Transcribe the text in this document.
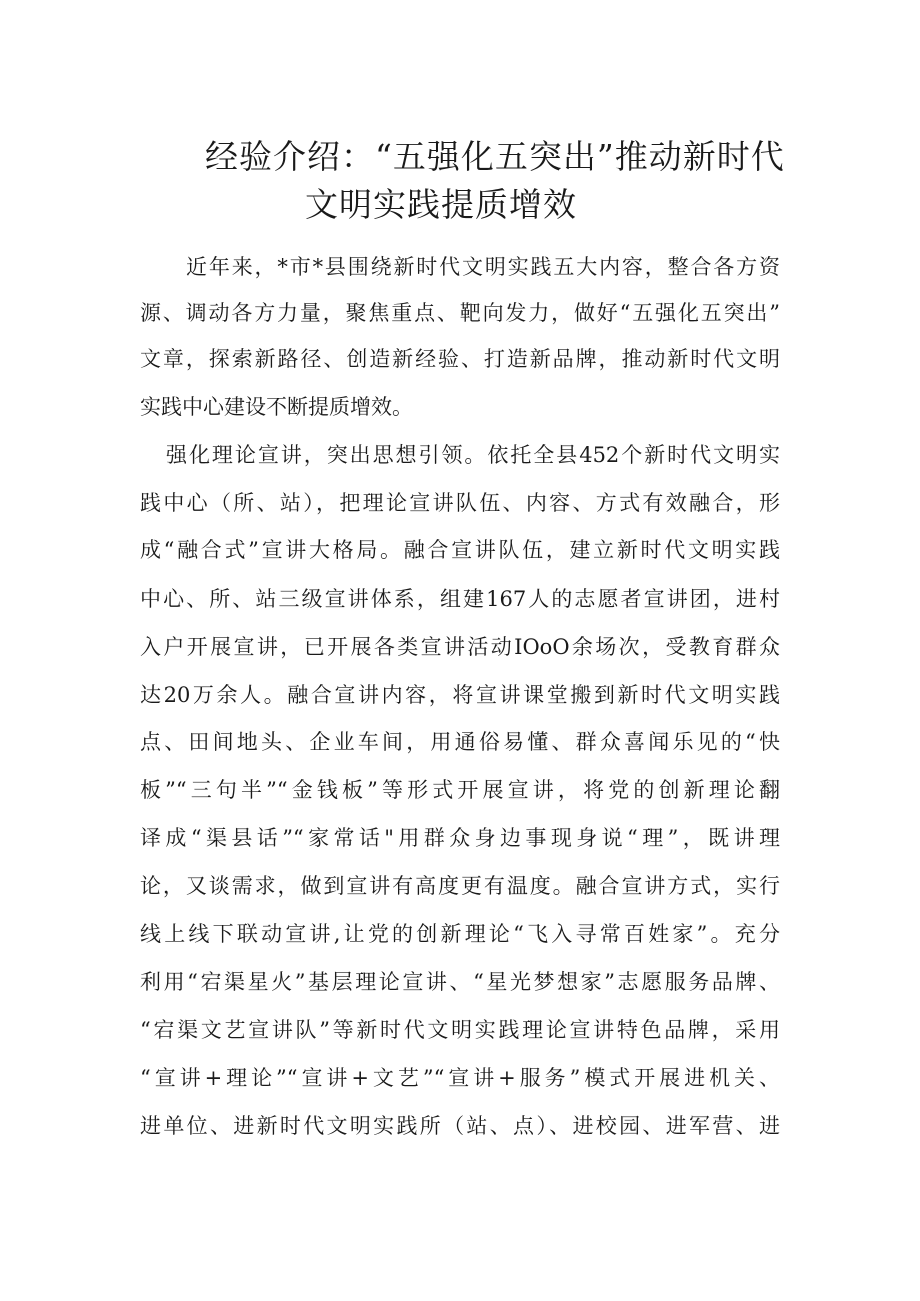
经验介绍：“五强化五突出”推动新时代
文明实践提质增效

近年来，*市*县围绕新时代文明实践五大内容，整合各方资

源、调动各方力量，聚焦重点、靶向发力，做好“五强化五突出”

文章，探索新路径、创造新经验、打造新品牌，推动新时代文明

实践中心建设不断提质增效。

强化理论宣讲，突出思想引领。依托全县452个新时代文明实

践中心（所、站），把理论宣讲队伍、内容、方式有效融合，形

成“融合式”宣讲大格局。融合宣讲队伍，建立新时代文明实践

中心、所、站三级宣讲体系，组建167人的志愿者宣讲团，进村

入户开展宣讲，已开展各类宣讲活动IOoO余场次，受教育群众

达20万余人。融合宣讲内容，将宣讲课堂搬到新时代文明实践

点、田间地头、企业车间，用通俗易懂、群众喜闻乐见的“快

板”“三句半”“金钱板”等形式开展宣讲，将党的创新理论翻

译成“渠县话”“家常话"用群众身边事现身说“理”，既讲理

论，又谈需求，做到宣讲有高度更有温度。融合宣讲方式，实行

线上线下联动宣讲,让党的创新理论“飞入寻常百姓家”。充分

利用“宕渠星火”基层理论宣讲、“星光梦想家”志愿服务品牌、

“宕渠文艺宣讲队”等新时代文明实践理论宣讲特色品牌，采用

“宣讲+理论”“宣讲+文艺”“宣讲+服务”模式开展进机关、

进单位、进新时代文明实践所（站、点）、进校园、进军营、进
